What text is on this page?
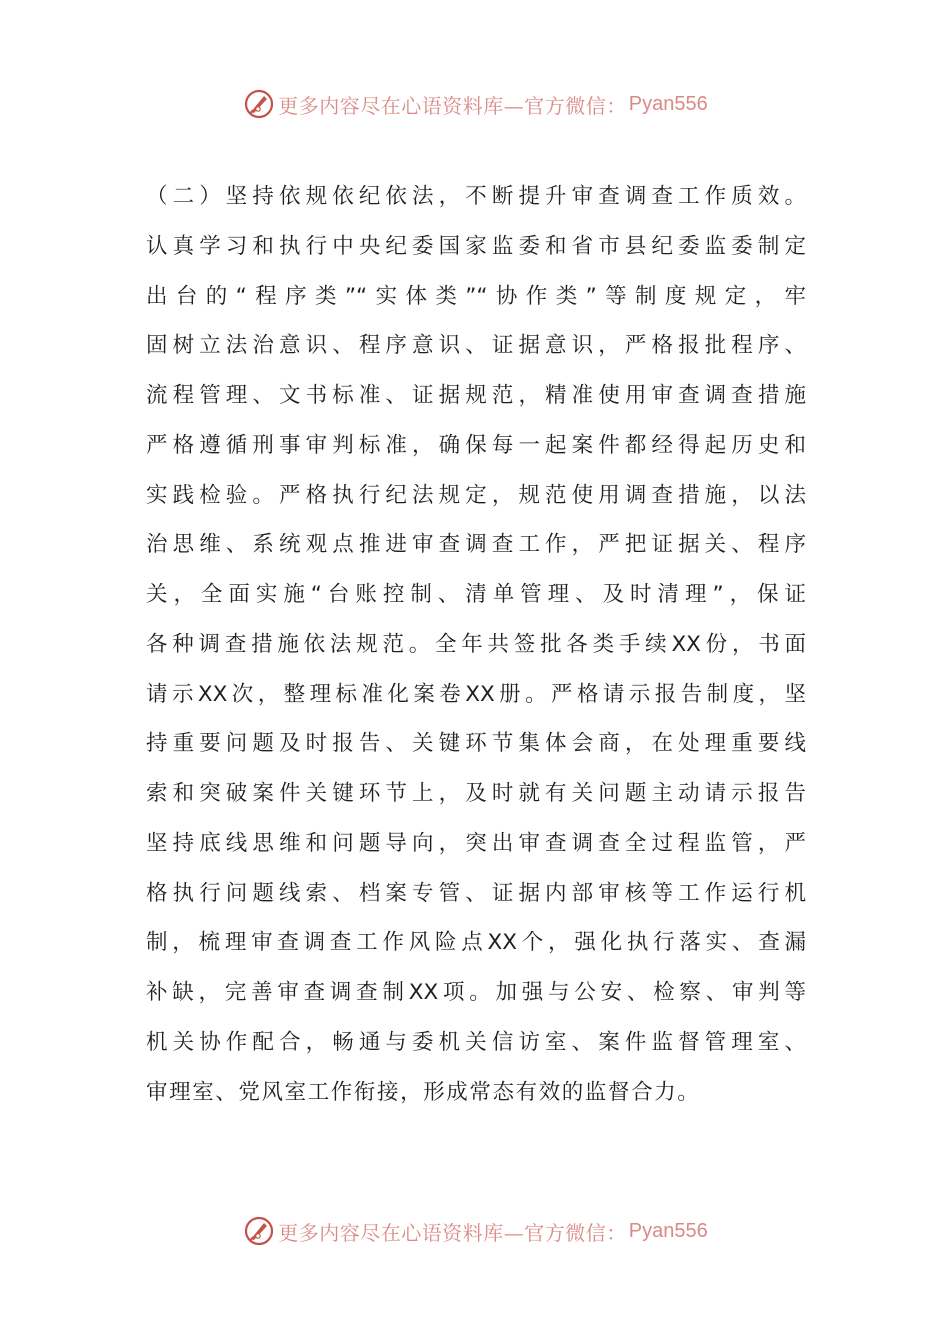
更多内容尽在心语资料库—官方微信： Pyan556
（二）坚持依规依纪依法，不断提升审查调查工作质效。
认真学习和执行中央纪委国家监委和省市县纪委监委制定
出台的“程序类”“实体类”“协作类”等制度规定，牢
固树立法治意识、程序意识、证据意识，严格报批程序、
流程管理、文书标准、证据规范，精准使用审查调查措施
严格遵循刑事审判标准，确保每一起案件都经得起历史和
实践检验。严格执行纪法规定，规范使用调查措施，以法
治思维、系统观点推进审查调查工作，严把证据关、程序
关，全面实施“台账控制、清单管理、及时清理”，保证
各种调查措施依法规范。全年共签批各类手续XX份，书面
请示XX次，整理标准化案卷XX册。严格请示报告制度，坚
持重要问题及时报告、关键环节集体会商，在处理重要线
索和突破案件关键环节上，及时就有关问题主动请示报告
坚持底线思维和问题导向，突出审查调查全过程监管，严
格执行问题线索、档案专管、证据内部审核等工作运行机
制，梳理审查调查工作风险点XX个，强化执行落实、查漏
补缺，完善审查调查制XX项。加强与公安、检察、审判等
机关协作配合，畅通与委机关信访室、案件监督管理室、
审理室、党风室工作衔接，形成常态有效的监督合力。
更多内容尽在心语资料库—官方微信： Pyan556
